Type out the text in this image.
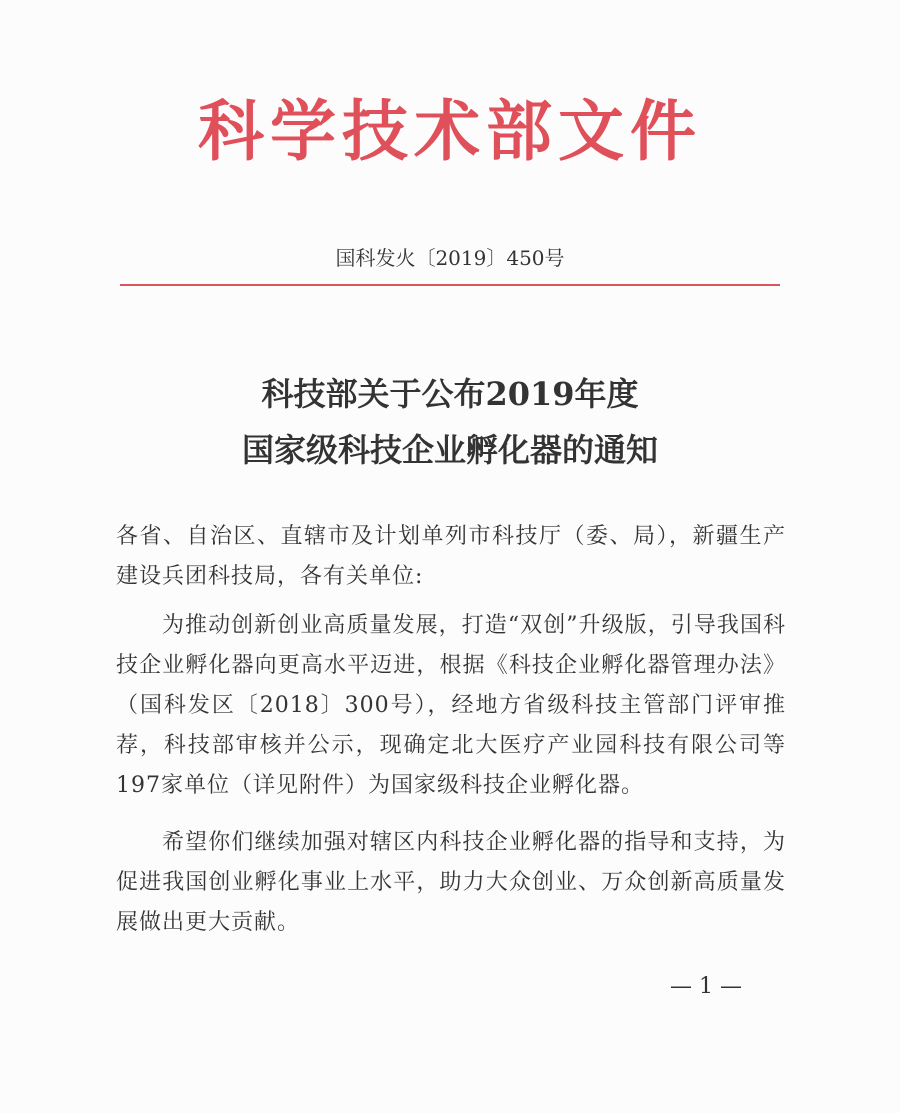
科学技术部文件
国科发火〔2019〕450号
科技部关于公布2019年度
国家级科技企业孵化器的通知
各省、自治区、直辖市及计划单列市科技厅（委、局），新疆生产建设兵团科技局，各有关单位:
为推动创新创业高质量发展，打造“双创”升级版，引导我国科技企业孵化器向更高水平迈进，根据《科技企业孵化器管理办法》（国科发区〔2018〕300号），经地方省级科技主管部门评审推荐，科技部审核并公示，现确定北大医疗产业园科技有限公司等197家单位（详见附件）为国家级科技企业孵化器。
希望你们继续加强对辖区内科技企业孵化器的指导和支持，为促进我国创业孵化事业上水平，助力大众创业、万众创新高质量发展做出更大贡献。
— 1 —
